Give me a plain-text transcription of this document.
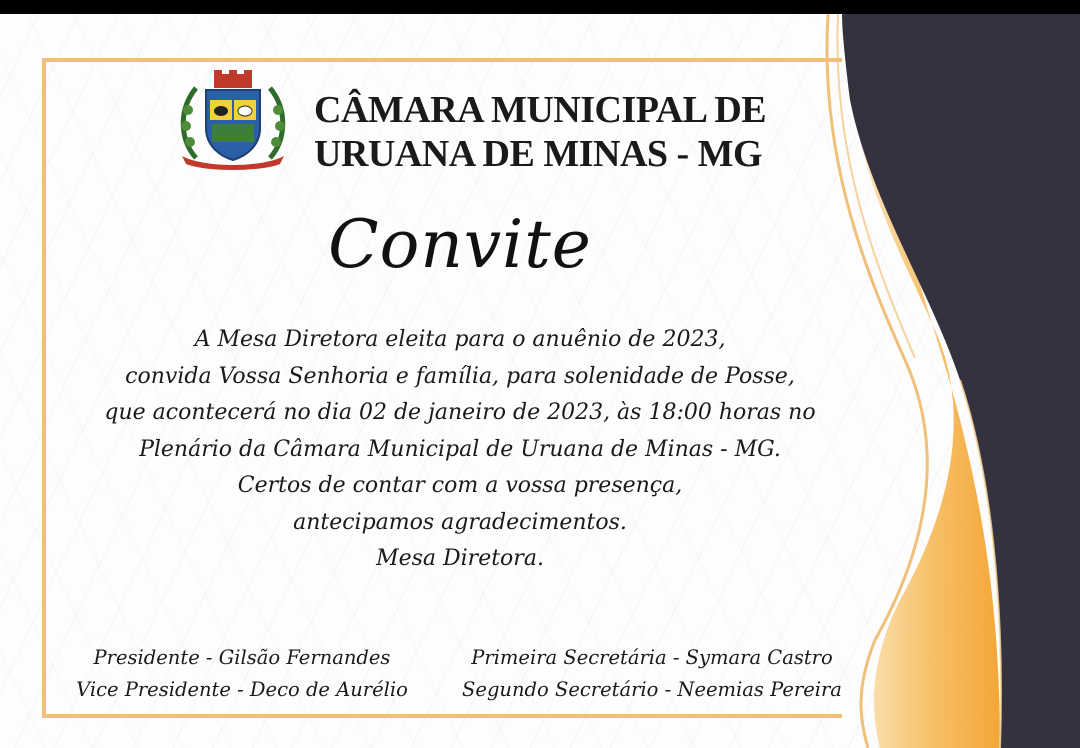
CÂMARA MUNICIPAL DE
URUANA DE MINAS - MG
Convite
A Mesa Diretora eleita para o anuênio de 2023,
convida Vossa Senhoria e família, para solenidade de Posse,
que acontecerá no dia 02 de janeiro de 2023, às 18:00 horas no
Plenário da Câmara Municipal de Uruana de Minas - MG.
Certos de contar com a vossa presença,
antecipamos agradecimentos.
Mesa Diretora.
Presidente - Gilsão Fernandes
Vice Presidente - Deco de Aurélio
Primeira Secretária - Symara Castro
Segundo Secretário - Neemias Pereira
